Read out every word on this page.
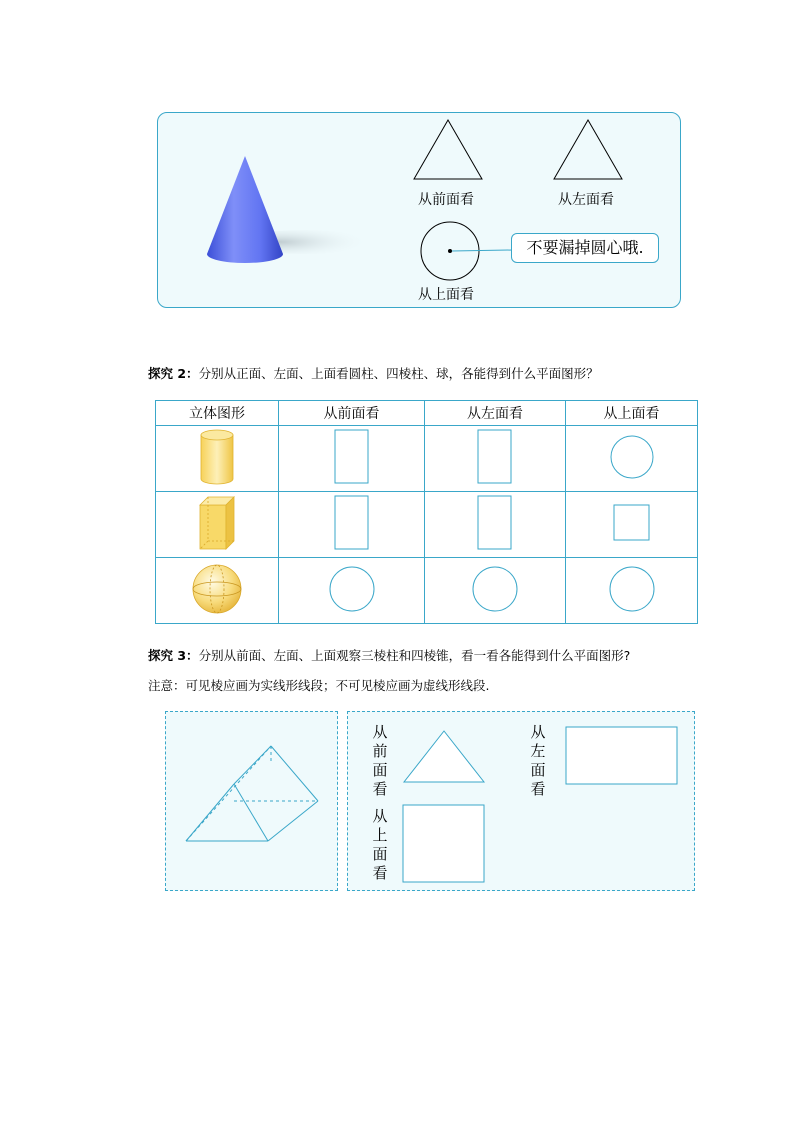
从前面看	从左面看
从上面看
不要漏掉圆心哦.
探究 2：分别从正面、左面、上面看圆柱、四棱柱、球，各能得到什么平面图形？
立体图形	从前面看	从左面看	从上面看

探究 3：分别从前面、左面、上面观察三棱柱和四棱锥，看一看各能得到什么平面图形?
注意：可见棱应画为实线形线段；不可见棱应画为虚线形线段.
从前面看
从左面看
从上面看
